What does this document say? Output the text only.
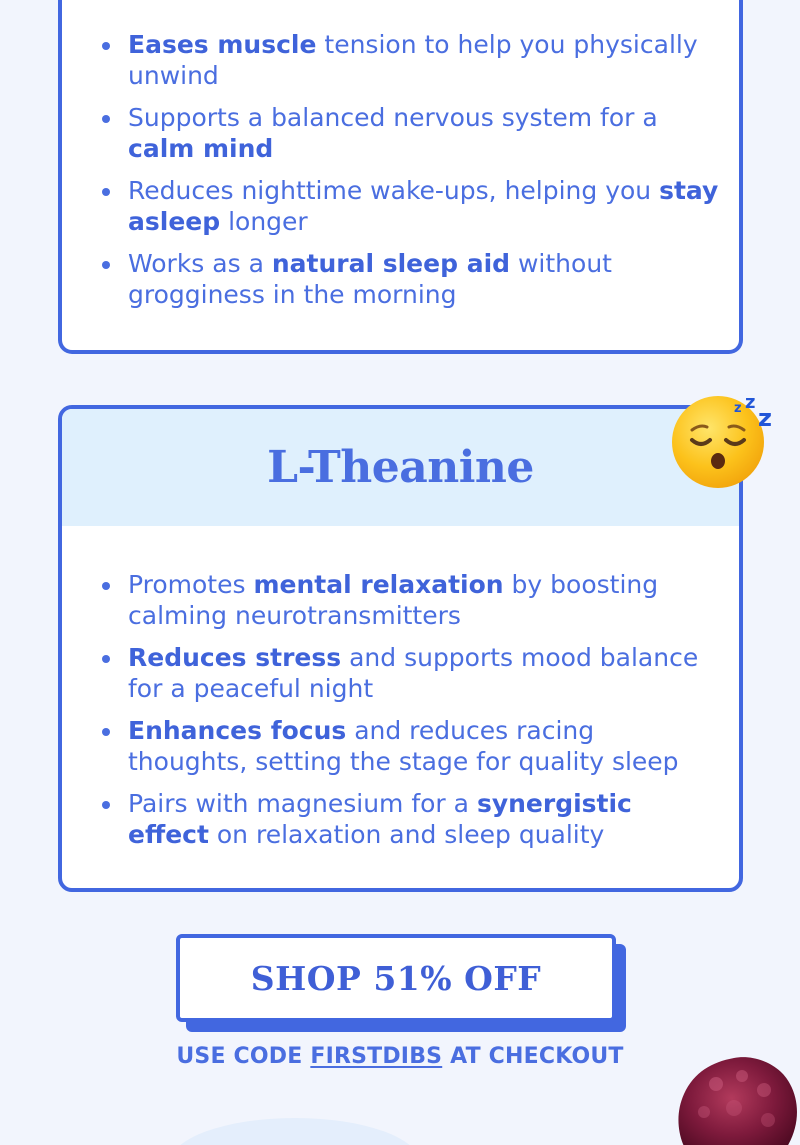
Eases muscle tension to help you physically unwind
Supports a balanced nervous system for a calm mind
Reduces nighttime wake-ups, helping you stay asleep longer
Works as a natural sleep aid without grogginess in the morning
L-Theanine
Promotes mental relaxation by boosting calming neurotransmitters
Reduces stress and supports mood balance for a peaceful night
Enhances focus and reduces racing thoughts, setting the stage for quality sleep
Pairs with magnesium for a synergistic effect on relaxation and sleep quality
z z
z
SHOP 51% OFF

USE CODE FIRSTDIBS AT CHECKOUT
